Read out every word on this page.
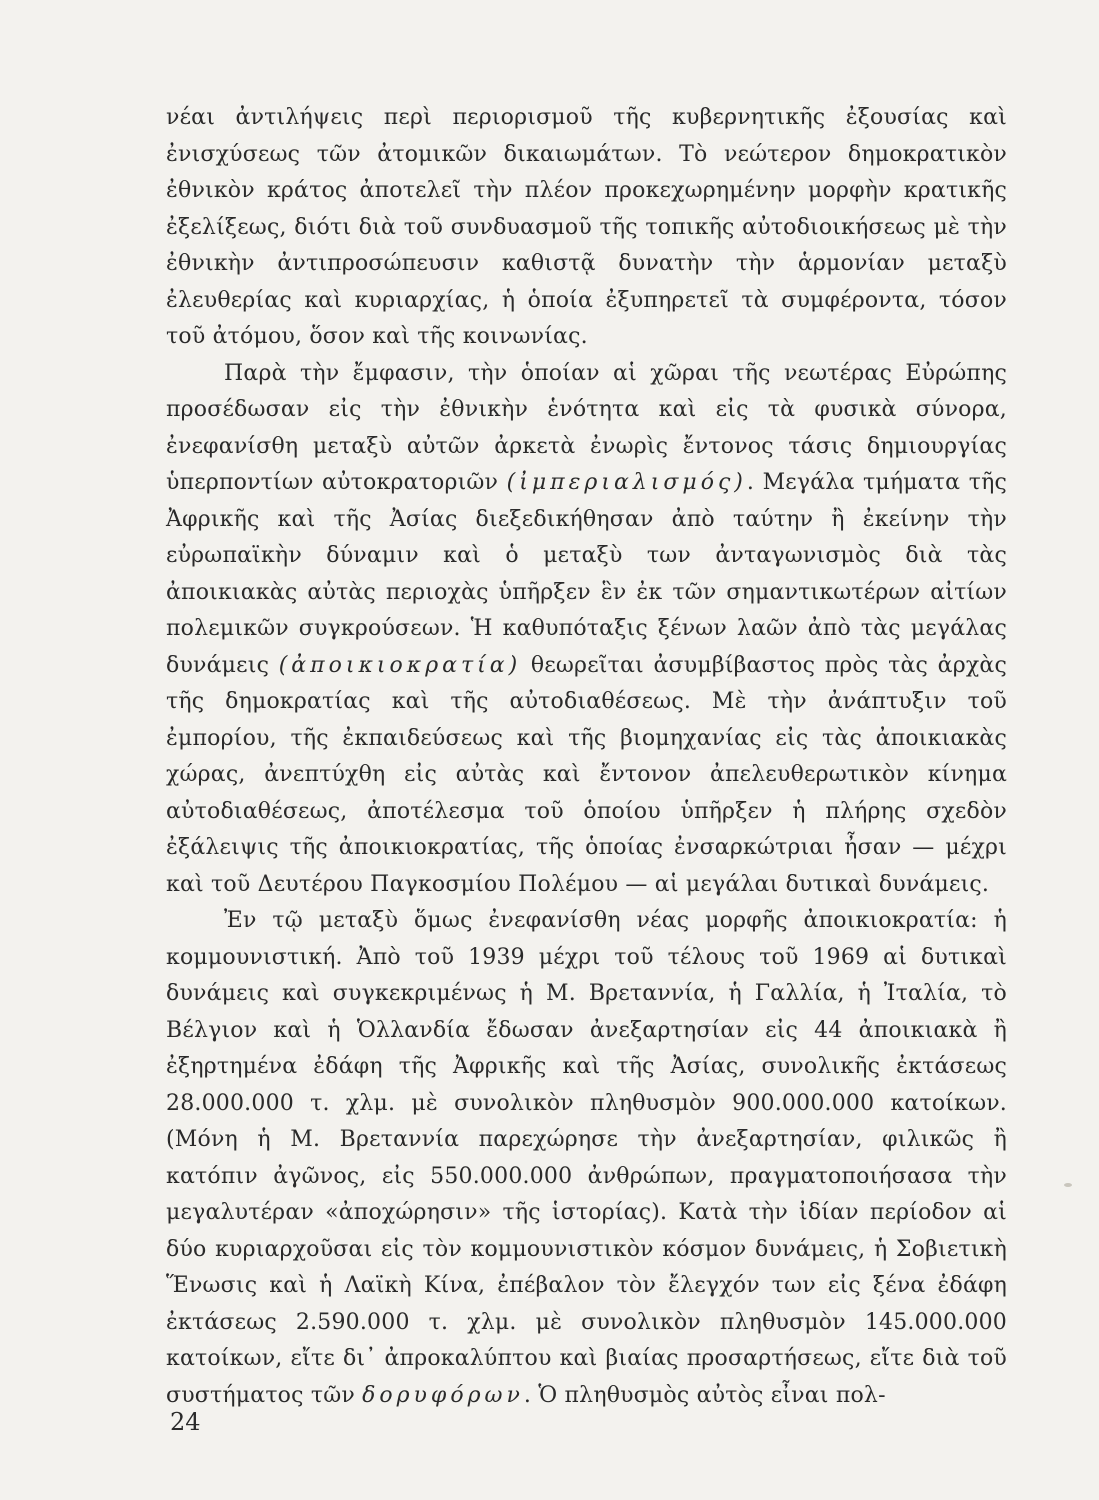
νέαι ἀντιλήψεις περὶ περιορισμοῦ τῆς κυβερνητικῆς ἐξουσίας καὶ ἐνισχύσεως τῶν ἀτομικῶν δικαιωμάτων. Τὸ νεώτερον δημοκρατικὸν ἐθνικὸν κράτος ἀποτελεῖ τὴν πλέον προκεχωρημένην μορφὴν κρατικῆς ἐξελίξεως, διότι διὰ τοῦ συνδυασμοῦ τῆς τοπικῆς αὐτοδιοικήσεως μὲ τὴν ἐθνικὴν ἀντιπροσώπευσιν καθιστᾷ δυνατὴν τὴν ἁρμονίαν μεταξὺ ἐλευθερίας καὶ κυριαρχίας, ἡ ὁποία ἐξυπηρετεῖ τὰ συμφέροντα, τόσον τοῦ ἀτόμου, ὅσον καὶ τῆς κοινωνίας.

Παρὰ τὴν ἔμφασιν, τὴν ὁποίαν αἱ χῶραι τῆς νεωτέρας Εὐρώπης προσέδωσαν εἰς τὴν ἐθνικὴν ἑνότητα καὶ εἰς τὰ φυσικὰ σύνορα, ἐνεφανίσθη μεταξὺ αὐτῶν ἀρκετὰ ἐνωρὶς ἔντονος τάσις δημιουργίας ὑπερποντίων αὐτοκρατοριῶν (ἰμπεριαλισμός). Μεγάλα τμήματα τῆς Ἀφρικῆς καὶ τῆς Ἀσίας διεξεδικήθησαν ἀπὸ ταύτην ἢ ἐκείνην τὴν εὐρωπαϊκὴν δύναμιν καὶ ὁ μεταξὺ των ἀνταγωνισμὸς διὰ τὰς ἀποικιακὰς αὐτὰς περιοχὰς ὑπῆρξεν ἓν ἐκ τῶν σημαντικωτέρων αἰτίων πολεμικῶν συγκρούσεων. Ἡ καθυπόταξις ξένων λαῶν ἀπὸ τὰς μεγάλας δυνάμεις (ἀποικιοκρατία) θεωρεῖται ἀσυμβίβαστος πρὸς τὰς ἀρχὰς τῆς δημοκρατίας καὶ τῆς αὐτοδιαθέσεως. Μὲ τὴν ἀνάπτυξιν τοῦ ἐμπορίου, τῆς ἐκπαιδεύσεως καὶ τῆς βιομηχανίας εἰς τὰς ἀποικιακὰς χώρας, ἀνεπτύχθη εἰς αὐτὰς καὶ ἔντονον ἀπελευθερωτικὸν κίνημα αὐτοδιαθέσεως, ἀποτέλεσμα τοῦ ὁποίου ὑπῆρξεν ἡ πλήρης σχεδὸν ἐξάλειψις τῆς ἀποικιοκρατίας, τῆς ὁποίας ἐνσαρκώτριαι ἦσαν — μέχρι καὶ τοῦ Δευτέρου Παγκοσμίου Πολέμου — αἱ μεγάλαι δυτικαὶ δυνάμεις.

Ἐν τῷ μεταξὺ ὅμως ἐνεφανίσθη νέας μορφῆς ἀποικιοκρατία: ἡ κομμουνιστική. Ἀπὸ τοῦ 1939 μέχρι τοῦ τέλους τοῦ 1969 αἱ δυτικαὶ δυνάμεις καὶ συγκεκριμένως ἡ Μ. Βρεταννία, ἡ Γαλλία, ἡ Ἰταλία, τὸ Βέλγιον καὶ ἡ Ὁλλανδία ἔδωσαν ἀνεξαρτησίαν εἰς 44 ἀποικιακὰ ἢ ἐξηρτημένα ἐδάφη τῆς Ἀφρικῆς καὶ τῆς Ἀσίας, συνολικῆς ἐκτάσεως 28.000.000 τ. χλμ. μὲ συνολικὸν πληθυσμὸν 900.000.000 κατοίκων. (Μόνη ἡ Μ. Βρεταννία παρεχώρησε τὴν ἀνεξαρτησίαν, φιλικῶς ἢ κατόπιν ἀγῶνος, εἰς 550.000.000 ἀνθρώπων, πραγματοποιήσασα τὴν μεγαλυτέραν «ἀποχώρησιν» τῆς ἱστορίας). Κατὰ τὴν ἰδίαν περίοδον αἱ δύο κυριαρχοῦσαι εἰς τὸν κομμουνιστικὸν κόσμον δυνάμεις, ἡ Σοβιετικὴ Ἕνωσις καὶ ἡ Λαϊκὴ Κίνα, ἐπέβαλον τὸν ἔλεγχόν των εἰς ξένα ἐδάφη ἐκτάσεως 2.590.000 τ. χλμ. μὲ συνολικὸν πληθυσμὸν 145.000.000 κατοίκων, εἴτε δι᾽ ἀπροκαλύπτου καὶ βιαίας προσαρτήσεως, εἴτε διὰ τοῦ συστήματος τῶν δορυφόρων. Ὁ πληθυσμὸς αὐτὸς εἶναι πολ-

24
